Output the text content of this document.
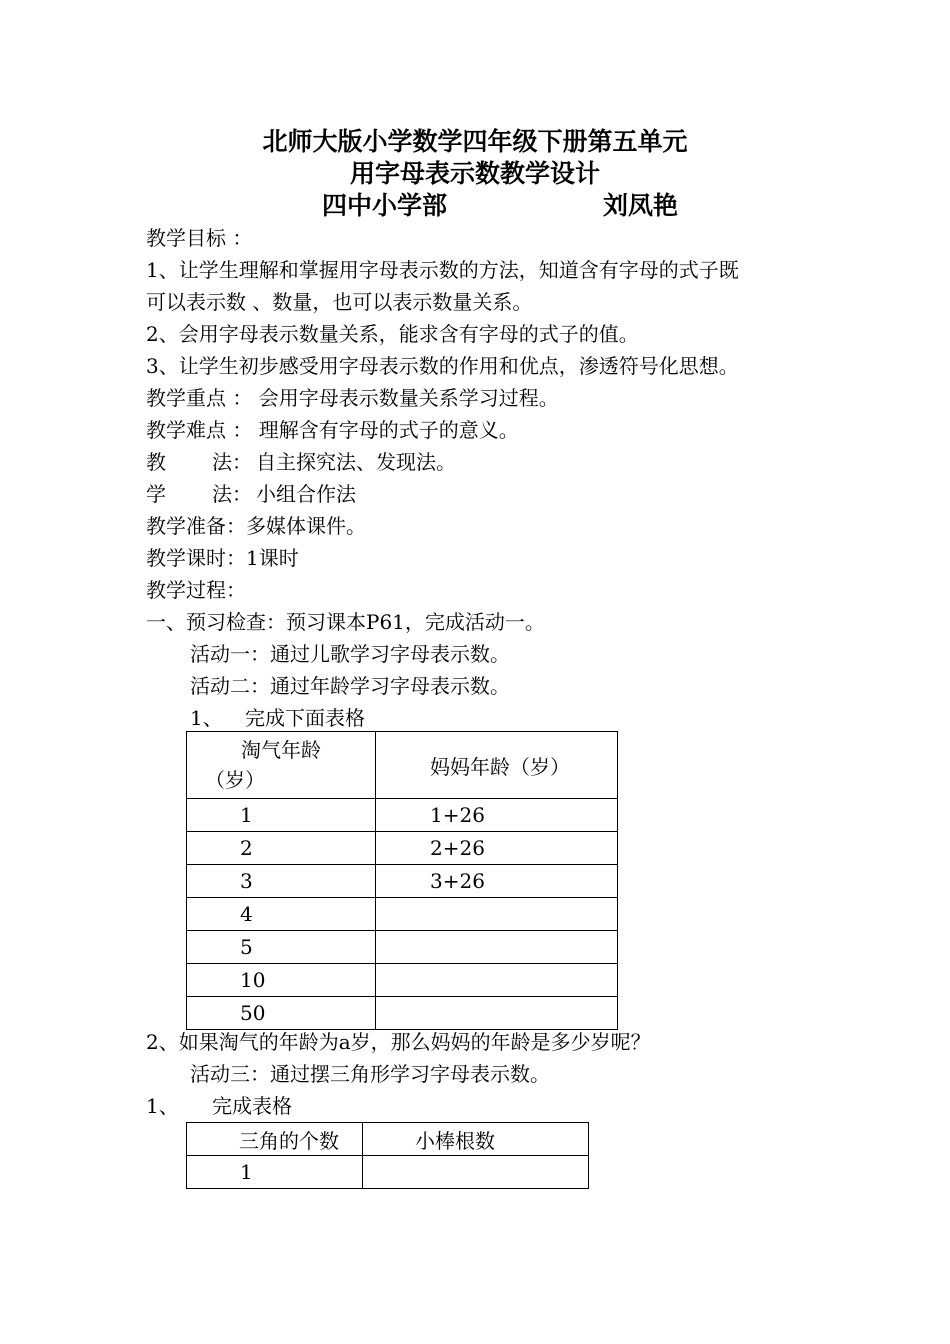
北师大版小学数学四年级下册第五单元
用字母表示数教学设计
四中小学部	刘凤艳
教学目标 ：
1、让学生理解和掌握用字母表示数的方法，知道含有字母的式子既
可以表示数 、数量，也可以表示数量关系。
2、会用字母表示数量关系，能求含有字母的式子的值。
3、让学生初步感受用字母表示数的作用和优点，渗透符号化思想。
教学重点 ： 会用字母表示数量关系学习过程。
教学难点 ： 理解含有字母的式子的意义。
教 法： 自主探究法、发现法。
学 法： 小组合作法
教学准备：多媒体课件。
教学课时：1课时
教学过程：
一、预习检查：预习课本P61，完成活动一。
活动一：通过儿歌学习字母表示数。
活动二：通过年龄学习字母表示数。
1、 完成下面表格
淘气年龄
（岁）	妈妈年龄（岁）
1	1+26
2	2+26
3	3+26
4	
5	
10	
50	
2、如果淘气的年龄为a岁，那么妈妈的年龄是多少岁呢？
活动三：通过摆三角形学习字母表示数。
1、 完成表格
三角的个数	小棒根数
1	
